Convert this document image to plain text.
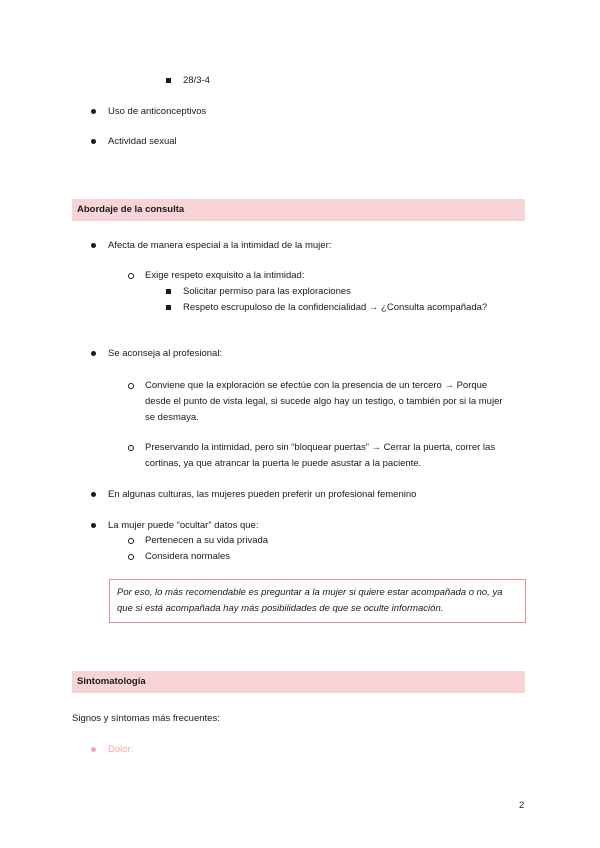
28/3-4
Uso de anticonceptivos
Actividad sexual
Abordaje de la consulta
Afecta de manera especial a la intimidad de la mujer:
Exige respeto exquisito a la intimidad:
Solicitar permiso para las exploraciones
Respeto escrupuloso de la confidencialidad → ¿Consulta acompañada?
Se aconseja al profesional:
Conviene que la exploración se efectúe con la presencia de un tercero → Porque
desde el punto de vista legal, si sucede algo hay un testigo, o también por si la mujer
se desmaya.
Preservando la intimidad, pero sin “bloquear puertas” → Cerrar la puerta, correr las
cortinas, ya que atrancar la puerta le puede asustar a la paciente.
En algunas culturas, las mujeres pueden preferir un profesional femenino
La mujer puede “ocultar” datos que:
Pertenecen a su vida privada
Considera normales
Por eso, lo más recomendable es preguntar a la mujer si quiere estar acompañada o no, ya
que si está acompañada hay más posibilidades de que se oculte información.
Sintomatología
Signos y síntomas más frecuentes:
Dolor:
2
